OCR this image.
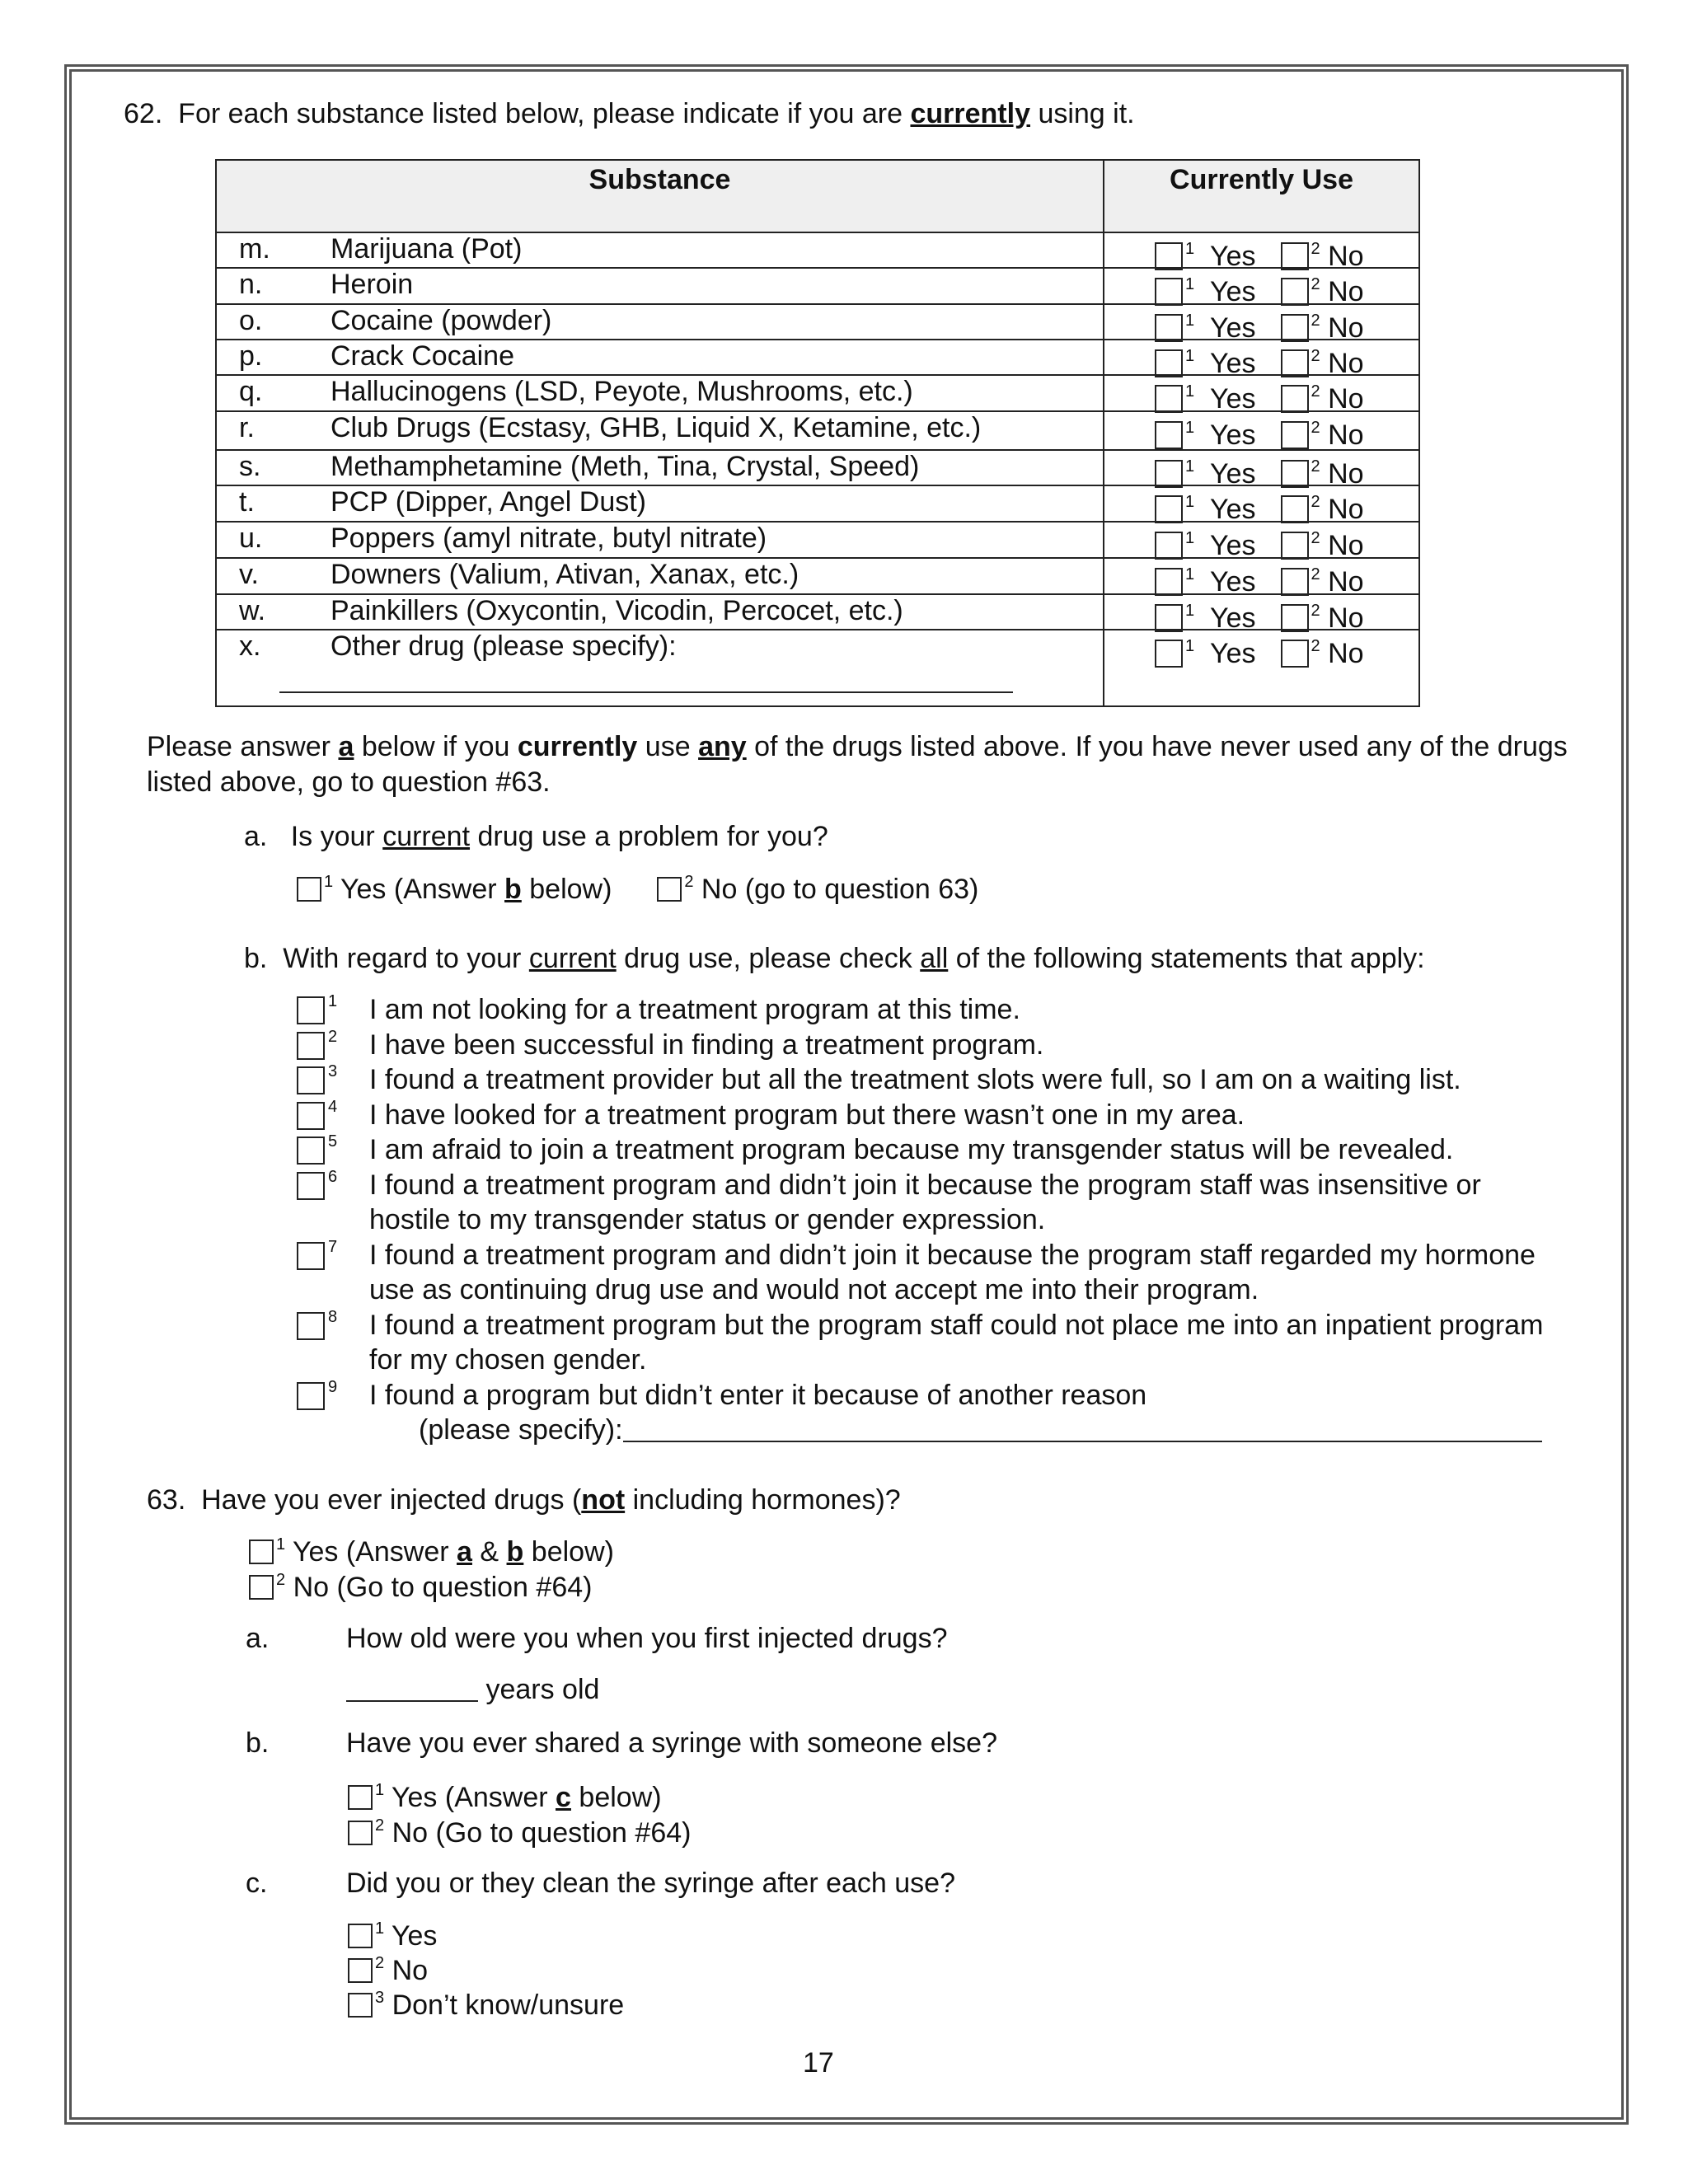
62. For each substance listed below, please indicate if you are currently using it.
Substance	Currently Use
m. Marijuana (Pot)	$^1$ Yes	$^2$ No
n. Heroin	$^1$ Yes	$^2$ No
o. Cocaine (powder)	$^1$ Yes	$^2$ No
p. Crack Cocaine	$^1$ Yes	$^2$ No
q. Hallucinogens (LSD, Peyote, Mushrooms, etc.)	$^1$ Yes	$^2$ No
r.	Club Drugs (Ecstasy, GHB, Liquid X, Ketamine, etc.)	$^1$ Yes	$^2$ No
s. Methamphetamine (Meth, Tina, Crystal, Speed)	$^1$ Yes	$^2$ No
t.	PCP (Dipper, Angel Dust)	$^1$ Yes	$^2$ No
u. Poppers (amyl nitrate, butyl nitrate)	$^1$ Yes	$^2$ No
v.	Downers (Valium, Ativan, Xanax, etc.)	$^1$ Yes	$^2$ No
w. Painkillers (Oxycontin, Vicodin, Percocet, etc.)	$^1$ Yes	$^2$ No
x. Other drug (please specify):	$^1$ Yes	$^2$ No
Please answer a below if you currently use any of the drugs listed above. If you have never used any of the drugs
listed above, go to question #63.
a. Is your current drug use a problem for you?
$^1$ Yes (Answer b below)	$^2$ No (go to question 63)
b. With regard to your current drug use, please check all of the following statements that apply:
1 I am not looking for a treatment program at this time.
2 I have been successful in finding a treatment program.
3 I found a treatment provider but all the treatment slots were full, so I am on a waiting list.
4 I have looked for a treatment program but there wasn’t one in my area.
5 I am afraid to join a treatment program because my transgender status will be revealed.
6 I found a treatment program and didn’t join it because the program staff was insensitive or
hostile to my transgender status or gender expression.
7 I found a treatment program and didn’t join it because the program staff regarded my hormone
use as continuing drug use and would not accept me into their program.
8 I found a treatment program but the program staff could not place me into an inpatient program
for my chosen gender.
9 I found a program but didn’t enter it because of another reason
(please specify):
63. Have you ever injected drugs (not including hormones)?
$^1$ Yes (Answer a & b below)
$^2$ No (Go to question #64)
a.	How old were you when you first injected drugs?
years old
b.	Have you ever shared a syringe with someone else?
$^1$ Yes (Answer c below)
$^2$ No (Go to question #64)
c.	Did you or they clean the syringe after each use?
$^1$ Yes
$^2$ No
$^3$ Don’t know/unsure
17
